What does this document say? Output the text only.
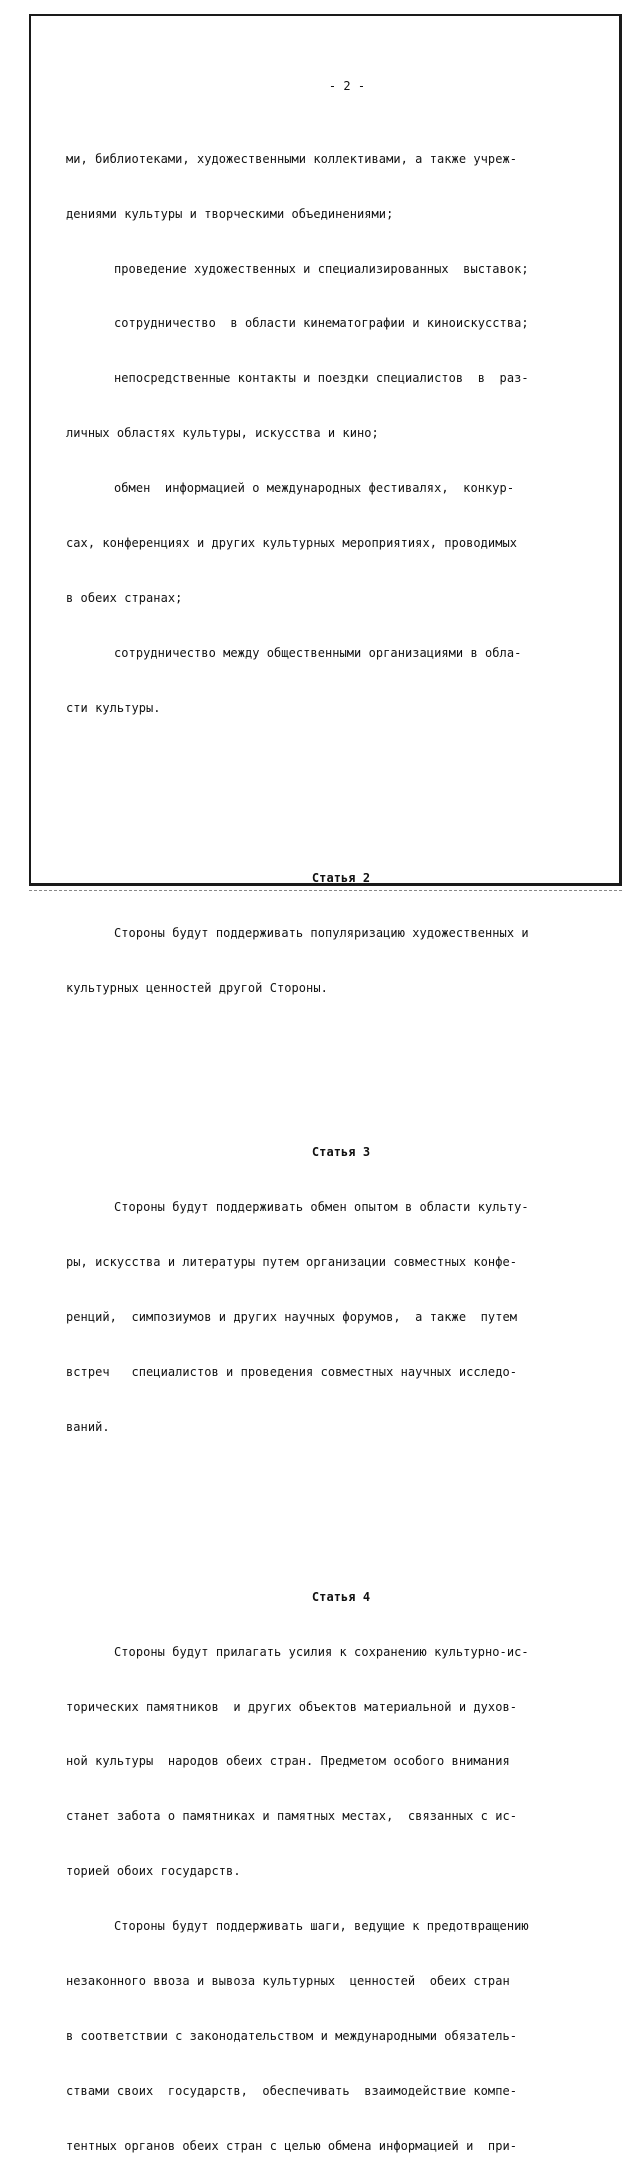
- 2 -

ми, библиотеками, художественными коллективами, а также учреж-

дениями культуры и творческими объединениями;

проведение художественных и специализированных  выставок;

сотрудничество  в области кинематографии и киноискусства;

непосредственные контакты и поездки специалистов  в  раз-

личных областях культуры, искусства и кино;

обмен  информацией о международных фестивалях,  конкур-

сах, конференциях и других культурных мероприятиях, проводимых

в обеих странах;

сотрудничество между общественными организациями в обла-

сти культуры.

Статья 2

Стороны будут поддерживать популяризацию художественных и

культурных ценностей другой Стороны.

Статья 3

Стороны будут поддерживать обмен опытом в области культу-

ры, искусства и литературы путем организации совместных конфе-

ренций,  симпозиумов и других научных форумов,  а также  путем

встреч   специалистов и проведения совместных научных исследо-

ваний.

Статья 4

Стороны будут прилагать усилия к сохранению культурно-ис-

торических памятников  и других объектов материальной и духов-

ной культуры  народов обеих стран. Предметом особого внимания

станет забота о памятниках и памятных местах,  связанных с ис-

торией обоих государств.

Стороны будут поддерживать шаги, ведущие к предотвращению

незаконного ввоза и вывоза культурных  ценностей  обеих стран

в соответствии с законодательством и международными обязатель-

ствами своих  государств,  обеспечивать  взаимодействие компе-

тентных органов обеих стран с целью обмена информацией и  при-
